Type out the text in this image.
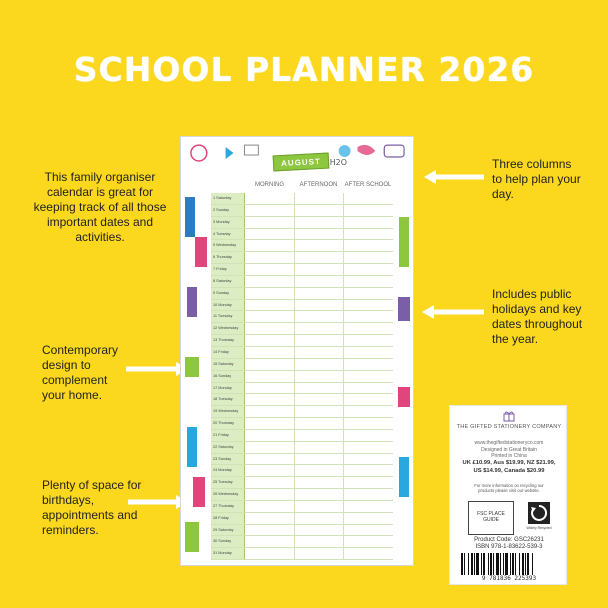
SCHOOL PLANNER 2026
This family organiser calendar is great for keeping track of all those important dates and activities.
Three columns to help plan your day.
Includes public holidays and key dates throughout the year.
Contemporary design to complement your home.
Plenty of space for birthdays, appointments and reminders.
H2O
AUGUST
MORNING	AFTERNOON	AFTER SCHOOL
1 Saturday
2 Sunday
3 Monday
4 Tuesday
5 Wednesday
6 Thursday
7 Friday
8 Saturday
9 Sunday
10 Monday
11 Tuesday
12 Wednesday
13 Thursday
14 Friday
15 Saturday
16 Sunday
17 Monday
18 Tuesday
19 Wednesday
20 Thursday
21 Friday
22 Saturday
23 Sunday
24 Monday
25 Tuesday
26 Wednesday
27 Thursday
28 Friday
29 Saturday
30 Sunday
31 Monday
THE GIFTED STATIONERY COMPANY
www.thegiftedstationeryco.com
Designed in Great Britain
Printed in China
UK £10.99, Aus $19.99, NZ $21.99,
US $14.99, Canada $20.99
For more information on recycling our
products please visit our website.
FSC PLACE GUIDE
Widely Recycled
Product Code: GSC26231
ISBN 978-1-83622-539-3
9 781836 225393
